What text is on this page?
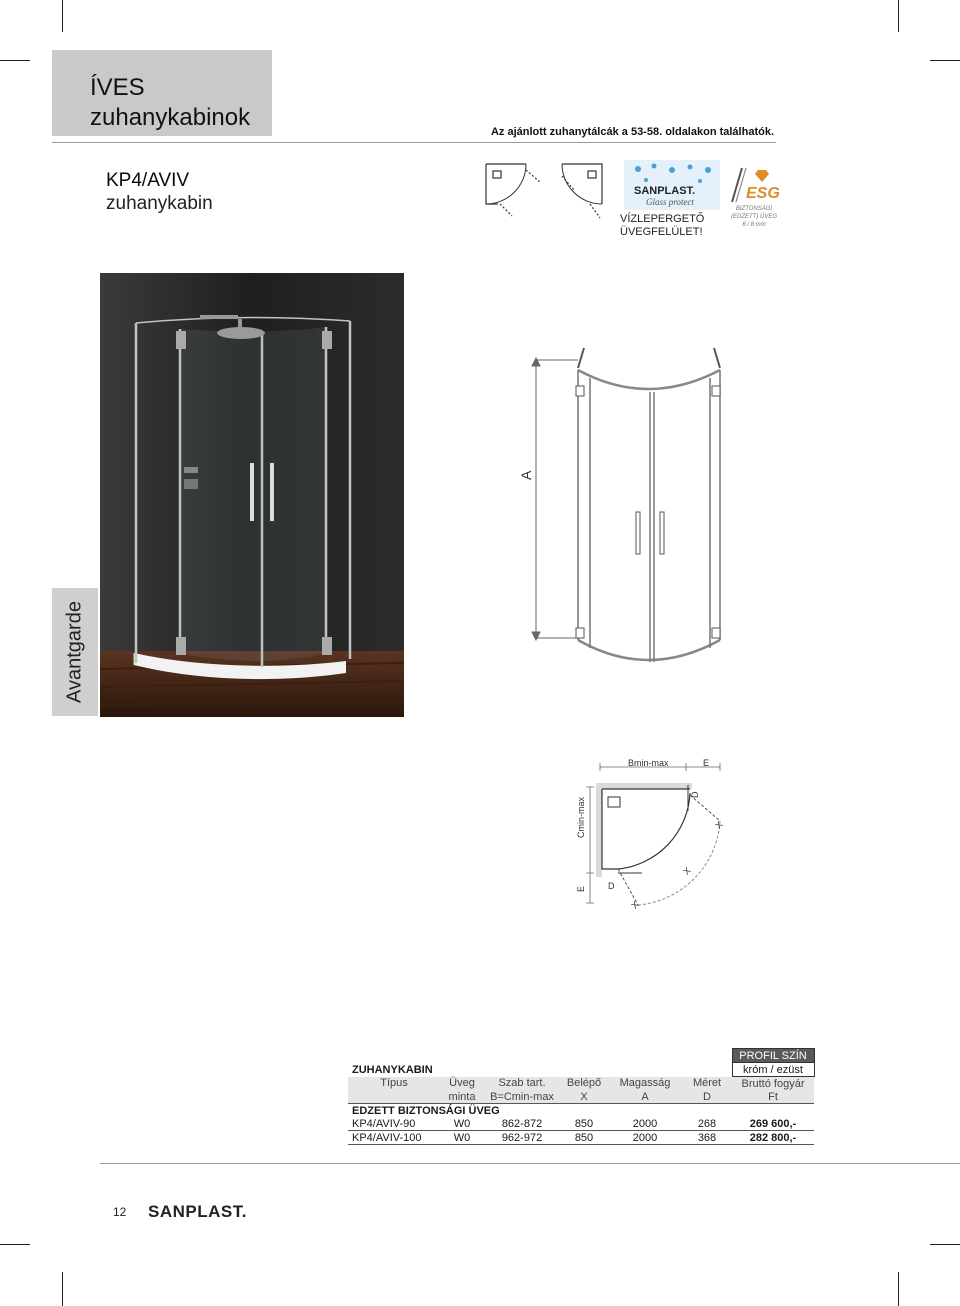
ÍVES
zuhanykabinok
Az ajánlott zuhanytálcák a 53-58. oldalakon találhatók.
KP4/AVIV
zuhanykabin
SANPLAST.
Glass protect
VÍZLEPERGETŐ
ÜVEGFELÜLET!
ESG
BIZTONSÁGI
(EDZETT) ÜVEG
6 / 8 mm
Avantgarde
A
Bmin-max	E
Cmin-max
E D
D
X
X
X
						PROFIL SZÍN
ZUHANYKABIN						króm / ezüst
Típus	Üveg	Szab tart.	Belépő	Magasság	Méret	Bruttó fogyár
	minta	B=Cmin-max	X	A	D	Ft
EDZETT BIZTONSÁGI ÜVEG						
KP4/AVIV-90	W0	862-872	850	2000	268	269 600,-
KP4/AVIV-100	W0	962-972	850	2000	368	282 800,-
12 SANPLAST.
